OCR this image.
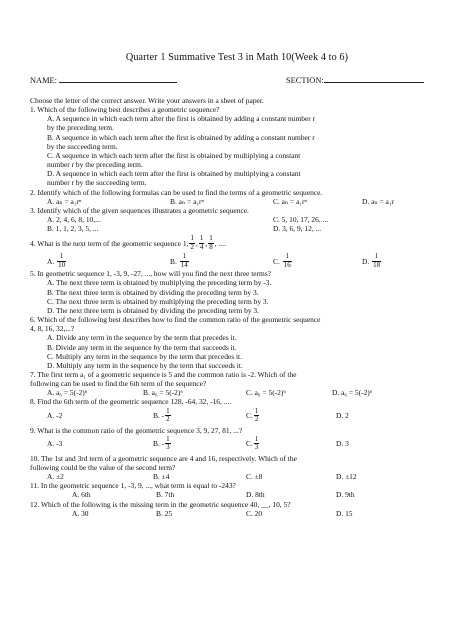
Quarter 1 Summative Test 3 in Math 10(Week 4 to 6)
NAME:	SECTION:
Choose the letter of the correct answer. Write your answers in a sheet of paper.
1. Which of the following best describes a geometric sequence?
A. A sequence in which each term after the first is obtained by adding a constant number r
by the preceding term.
B. A sequence in which each term after the first is obtained by adding a constant number r
by the succeeding term.
C. A sequence in which each term after the first is obtained by multiplying a constant
number r by the preceding term.
D. A sequence in which each term after the first is obtained by multiplying a constant
number r by the succeeding term.
2. Identify which of the following formulas can be used to find the terms of a geometric sequence.
A. aₙ = a₁rⁿ	B. aₙ = a₁rⁿ	C. aₙ = a₁rⁿ	D. aₙ = a₁r
3. Identify which of the given sequences illustrates a geometric sequence.
A. 2, 4, 6, 8, 10,...	C. 5, 10, 17, 26, ...
B. 1, 1, 2, 3, 5, ...	D. 3, 6, 9, 12, ...
4. What is the next term of the geometric sequence 1, $\frac{1}{2}$ , $\frac{1}{4}$ , $\frac{1}{8}$ , ....
A. $\frac{1}{10}$	B. $\frac{1}{14}$	C. $\frac{1}{16}$	D. $\frac{1}{18}$
5. In geometric sequence 1, -3, 9, -27, ..., how will you find the next three terms?
A. The next three term is obtained by multiplying the preceding term by -3.
B. The next three term is obtained by dividing the preceding term by 3.
C. The next three term is obtained by multiplying the preceding term by 3.
D. The next three term is obtained by dividing the preceding term by 3.
6. Which of the following best describes how to find the common ratio of the geometric sequence
4, 8, 16, 32,...?
A. Divide any term in the sequence by the term that precedes it.
B. Divide any term in the sequence by the term that succeeds it.
C. Multiply any term in the sequence by the term that precedes it.
D. Multiply any term in the sequence by the term that succeeds it.
7. The first term a₁ of a geometric sequence is 5 and the common ratio is -2. Which of the
following can be used to find the 6th term of the sequence?
A. a₆ = 5(-2)⁶	B. a₆ = 5(-2)⁶	C. a₆ = 5(-2)⁶	D. a₆ = 5(-2)⁶
8. Find the 6th term of the geometric sequence 128, -64, 32, -16, ....
A. -2	B. - $\frac{1}{2}$	C. $\frac{1}{2}$	D. 2
9. What is the common ratio of the geometric sequence 3, 9, 27, 81, ...?
A. -3	B. - $\frac{1}{3}$	C. $\frac{1}{3}$	D. 3
10. The 1st and 3rd term of a geometric sequence are 4 and 16, respectively. Which of the
following could be the value of the second term?
A. ±2	B. ±4	C. ±8	D. ±12
11. In the geometric sequence 1, -3, 9, ..., what term is equal to -243?
A. 6th	B. 7th	D. 8th	D. 9th
12. Which of the following is the missing term in the geometric sequence 40, __, 10, 5?
A. 30	B. 25	C. 20	D. 15
